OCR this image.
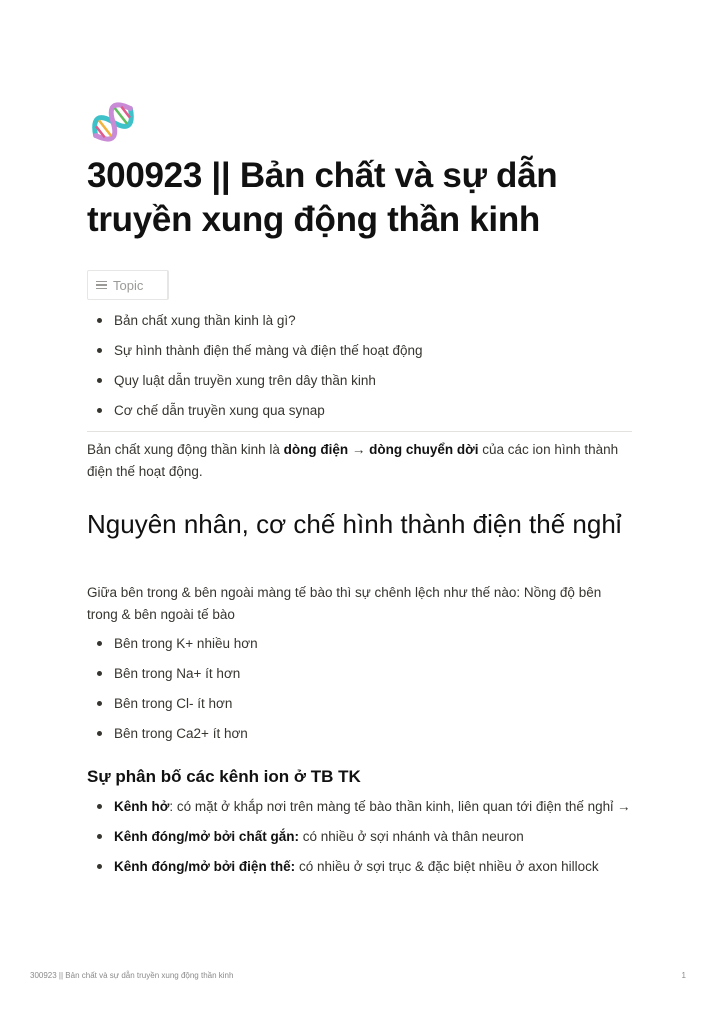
300923 || Bản chất và sự dẫn truyền xung động thần kinh
Topic
Bản chất xung thần kinh là gì?
Sự hình thành điện thế màng và điện thế hoạt động
Quy luật dẫn truyền xung trên dây thần kinh
Cơ chế dẫn truyền xung qua synap

Bản chất xung động thần kinh là dòng điện → dòng chuyển dời của các ion hình thành điện thế hoạt động.

Nguyên nhân, cơ chế hình thành điện thế nghỉ

Giữa bên trong & bên ngoài màng tế bào thì sự chênh lệch như thế nào: Nồng độ bên trong & bên ngoài tế bào

Bên trong K+ nhiều hơn
Bên trong Na+ ít hơn
Bên trong Cl- ít hơn
Bên trong Ca2+ ít hơn
Sự phân bố các kênh ion ở TB TK
Kênh hở: có mặt ở khắp nơi trên màng tế bào thần kinh, liên quan tới điện thế nghỉ →
Kênh đóng/mở bởi chất gắn: có nhiều ở sợi nhánh và thân neuron
Kênh đóng/mở bởi điện thế: có nhiều ở sợi trục & đặc biệt nhiều ở axon hillock
300923 || Bản chất và sự dẫn truyền xung động thần kinh	1
